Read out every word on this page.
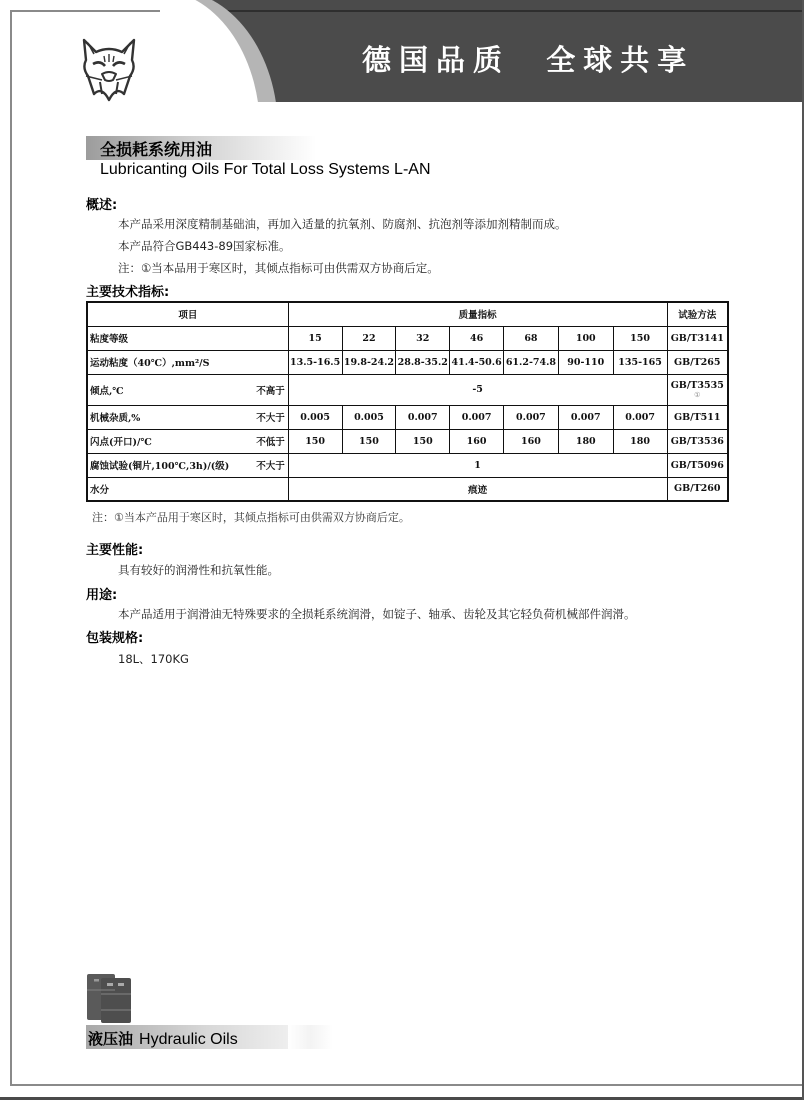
德国品质  全球共享
全损耗系统用油
Lubricanting Oils For Total Loss Systems L-AN
概述:
本产品采用深度精制基础油，再加入适量的抗氧剂、防腐剂、抗泡剂等添加剂精制而成。
本产品符合GB443-89国家标准。
注：①当本品用于寒区时，其倾点指标可由供需双方协商后定。
主要技术指标:
项目	质量指标							试验方法
粘度等级	15	22	32	46	68	100	150	GB/T3141
运动粘度（40℃）,mm²/S	13.5-16.5	19.8-24.2	28.8-35.2	41.4-50.6	61.2-74.8	90-110	135-165	GB/T265
倾点,℃ 不高于	-5							GB/T3535
①

机械杂质,% 不大于	0.005	0.005	0.007	0.007	0.007	0.007	0.007	GB/T511
闪点(开口)/℃ 不低于	150	150	150	160	160	180	180	GB/T3536
腐蚀试验(铜片,100℃,3h)/(级) 不大于	1							GB/T5096
水分	痕迹							GB/T260
注：①当本产品用于寒区时，其倾点指标可由供需双方协商后定。
主要性能:
具有较好的润滑性和抗氧性能。
用途:
本产品适用于润滑油无特殊要求的全损耗系统润滑，如锭子、轴承、齿轮及其它轻负荷机械部件润滑。
包装规格:
18L、170KG
液压油 Hydraulic Oils
